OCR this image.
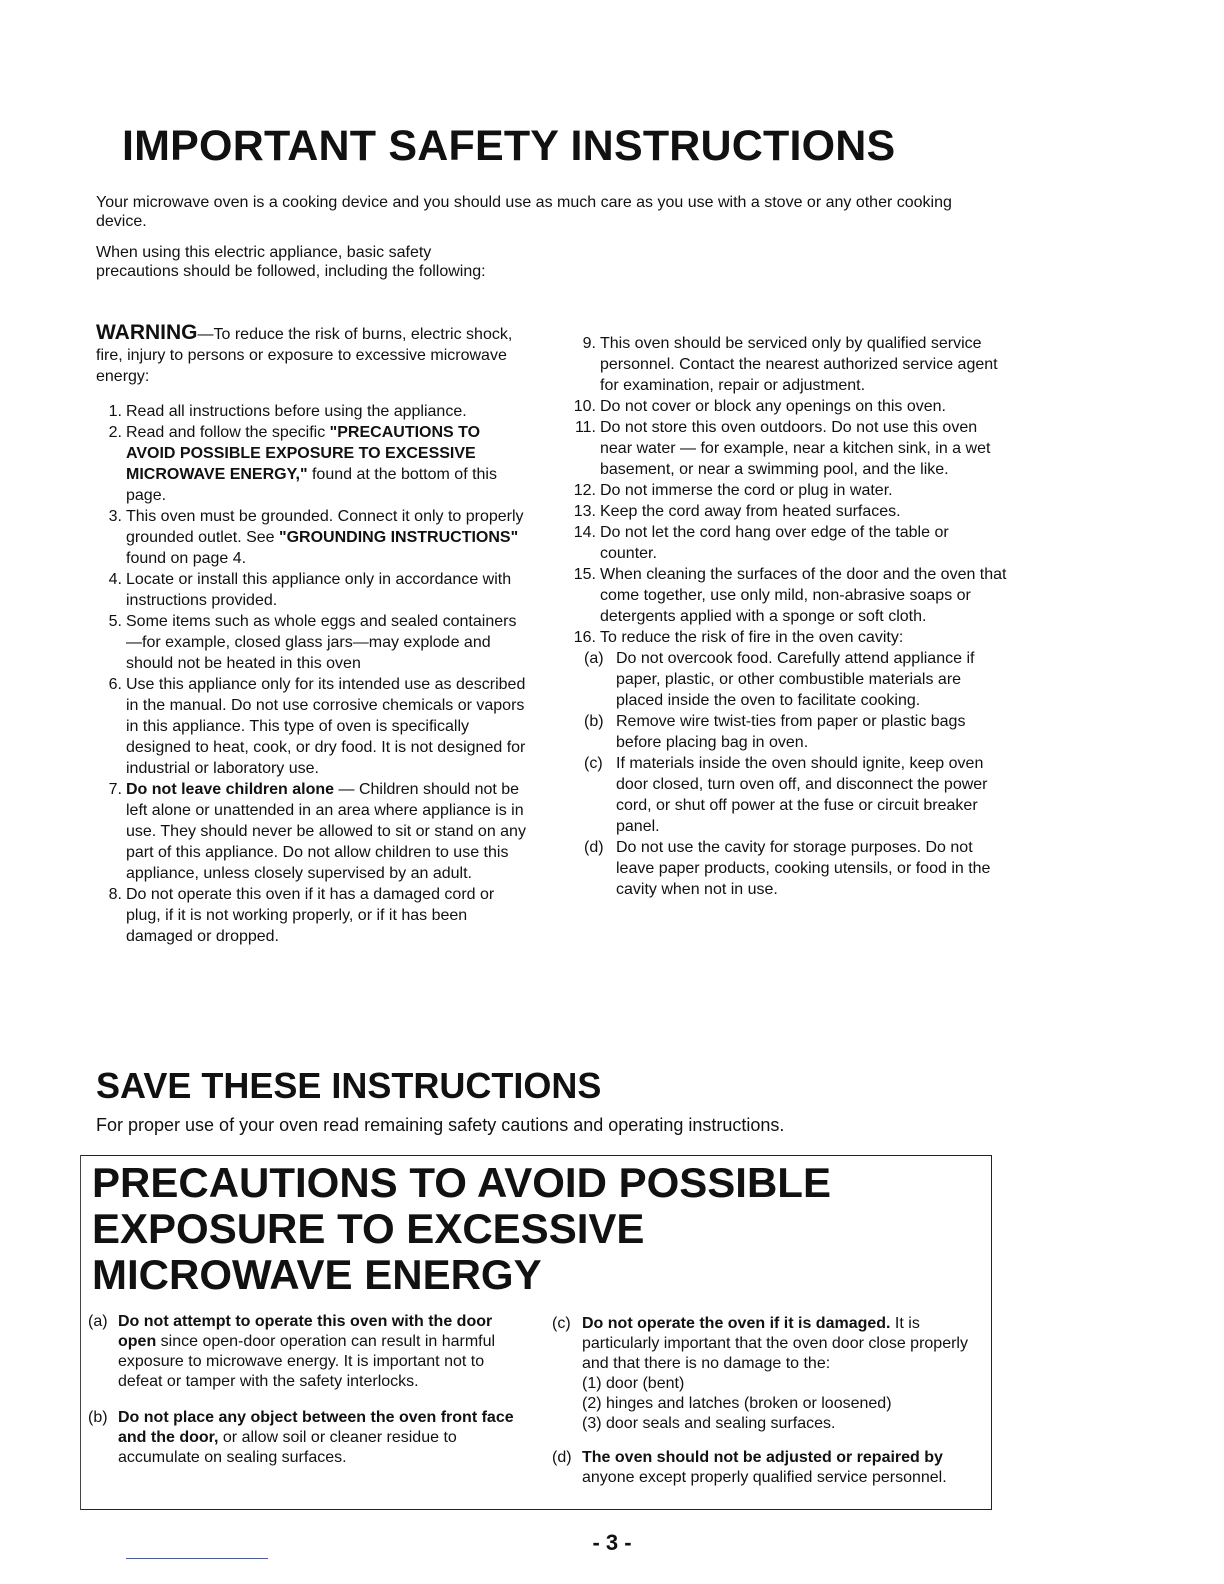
IMPORTANT SAFETY INSTRUCTIONS

Your microwave oven is a cooking device and you should use as much care as you use with a stove or any other cooking device.

When using this electric appliance, basic safety precautions should be followed, including the following:

WARNING—To reduce the risk of burns, electric shock, fire, injury to persons or exposure to excessive microwave energy:
1. Read all instructions before using the appliance.
2. Read and follow the specific "PRECAUTIONS TO AVOID POSSIBLE EXPOSURE TO EXCESSIVE MICROWAVE ENERGY," found at the bottom of this page.
3. This oven must be grounded. Connect it only to properly grounded outlet. See "GROUNDING INSTRUCTIONS" found on page 4.
4. Locate or install this appliance only in accordance with instructions provided.
5. Some items such as whole eggs and sealed containers—for example, closed glass jars—may explode and should not be heated in this oven
6. Use this appliance only for its intended use as described in the manual. Do not use corrosive chemicals or vapors in this appliance. This type of oven is specifically designed to heat, cook, or dry food. It is not designed for industrial or laboratory use.
7. Do not leave children alone — Children should not be left alone or unattended in an area where appliance is in use. They should never be allowed to sit or stand on any part of this appliance. Do not allow children to use this appliance, unless closely supervised by an adult.
8. Do not operate this oven if it has a damaged cord or plug, if it is not working properly, or if it has been damaged or dropped.
9. This oven should be serviced only by qualified service personnel. Contact the nearest authorized service agent for examination, repair or adjustment.
10. Do not cover or block any openings on this oven.
11. Do not store this oven outdoors. Do not use this oven near water — for example, near a kitchen sink, in a wet basement, or near a swimming pool, and the like.
12. Do not immerse the cord or plug in water.
13. Keep the cord away from heated surfaces.
14. Do not let the cord hang over edge of the table or counter.
15. When cleaning the surfaces of the door and the oven that come together, use only mild, non-abrasive soaps or detergents applied with a sponge or soft cloth.
16. To reduce the risk of fire in the oven cavity:
(a) Do not overcook food. Carefully attend appliance if paper, plastic, or other combustible materials are placed inside the oven to facilitate cooking.
(b) Remove wire twist-ties from paper or plastic bags before placing bag in oven.
(c) If materials inside the oven should ignite, keep oven door closed, turn oven off, and disconnect the power cord, or shut off power at the fuse or circuit breaker panel.
(d) Do not use the cavity for storage purposes. Do not leave paper products, cooking utensils, or food in the cavity when not in use.
SAVE THESE INSTRUCTIONS

For proper use of your oven read remaining safety cautions and operating instructions.

PRECAUTIONS TO AVOID POSSIBLE
EXPOSURE TO EXCESSIVE
MICROWAVE ENERGY
(a) Do not attempt to operate this oven with the door open since open-door operation can result in harmful exposure to microwave energy. It is important not to defeat or tamper with the safety interlocks.
(b) Do not place any object between the oven front face and the door, or allow soil or cleaner residue to accumulate on sealing surfaces.
(c) Do not operate the oven if it is damaged. It is particularly important that the oven door close properly and that there is no damage to the:
(1) door (bent)
(2) hinges and latches (broken or loosened)
(3) door seals and sealing surfaces.
(d) The oven should not be adjusted or repaired by anyone except properly qualified service personnel.
- 3 -
